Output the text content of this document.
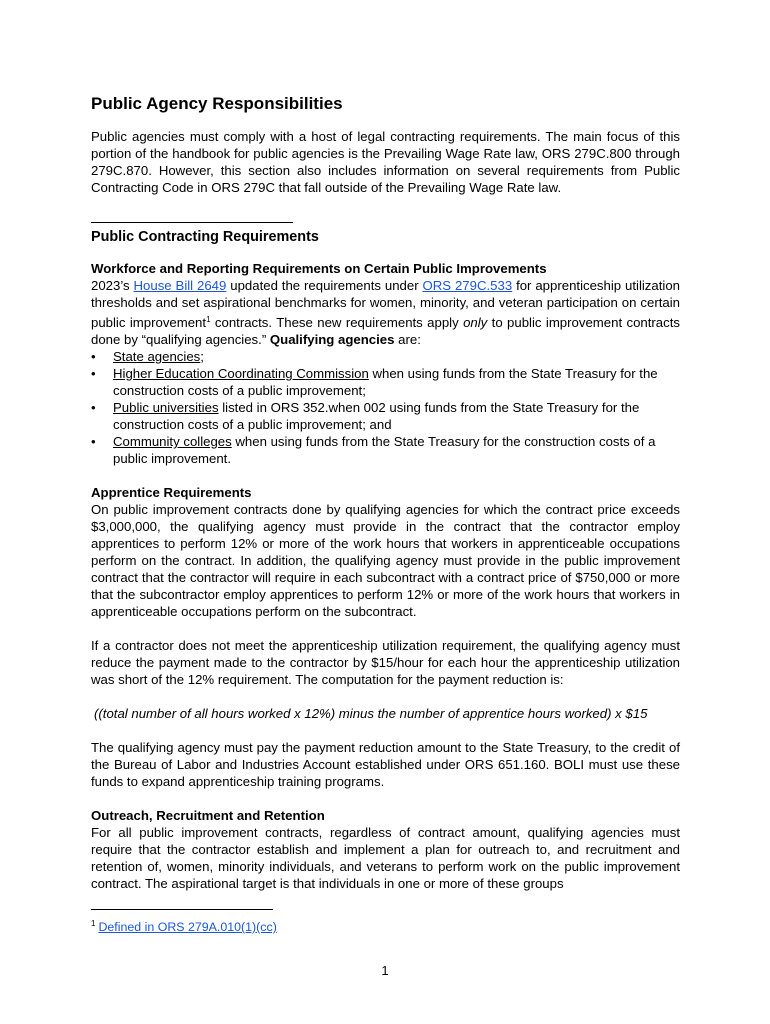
Public Agency Responsibilities

Public agencies must comply with a host of legal contracting requirements. The main focus of this portion of the handbook for public agencies is the Prevailing Wage Rate law, ORS 279C.800 through 279C.870. However, this section also includes information on several requirements from Public Contracting Code in ORS 279C that fall outside of the Prevailing Wage Rate law.

Public Contracting Requirements
Workforce and Reporting Requirements on Certain Public Improvements

2023’s House Bill 2649 updated the requirements under ORS 279C.533 for apprenticeship utilization thresholds and set aspirational benchmarks for women, minority, and veteran participation on certain public improvement$^1$ contracts. These new requirements apply only to public improvement contracts done by “qualifying agencies.” Qualifying agencies are:

• State agencies;
• Higher Education Coordinating Commission when using funds from the State Treasury for the construction costs of a public improvement;
• Public universities listed in ORS 352.when 002 using funds from the State Treasury for the construction costs of a public improvement; and
• Community colleges when using funds from the State Treasury for the construction costs of a public improvement.
Apprentice Requirements

On public improvement contracts done by qualifying agencies for which the contract price exceeds $3,000,000, the qualifying agency must provide in the contract that the contractor employ apprentices to perform 12% or more of the work hours that workers in apprenticeable occupations perform on the contract. In addition, the qualifying agency must provide in the public improvement contract that the contractor will require in each subcontract with a contract price of $750,000 or more that the subcontractor employ apprentices to perform 12% or more of the work hours that workers in apprenticeable occupations perform on the subcontract.

If a contractor does not meet the apprenticeship utilization requirement, the qualifying agency must reduce the payment made to the contractor by $15/hour for each hour the apprenticeship utilization was short of the 12% requirement. The computation for the payment reduction is:

((total number of all hours worked x 12%) minus the number of apprentice hours worked) x $15

The qualifying agency must pay the payment reduction amount to the State Treasury, to the credit of the Bureau of Labor and Industries Account established under ORS 651.160. BOLI must use these funds to expand apprenticeship training programs.

Outreach, Recruitment and Retention

For all public improvement contracts, regardless of contract amount, qualifying agencies must require that the contractor establish and implement a plan for outreach to, and recruitment and retention of, women, minority individuals, and veterans to perform work on the public improvement contract. The aspirational target is that individuals in one or more of these groups

$^1$ Defined in ORS 279A.010(1)(cc)
1
